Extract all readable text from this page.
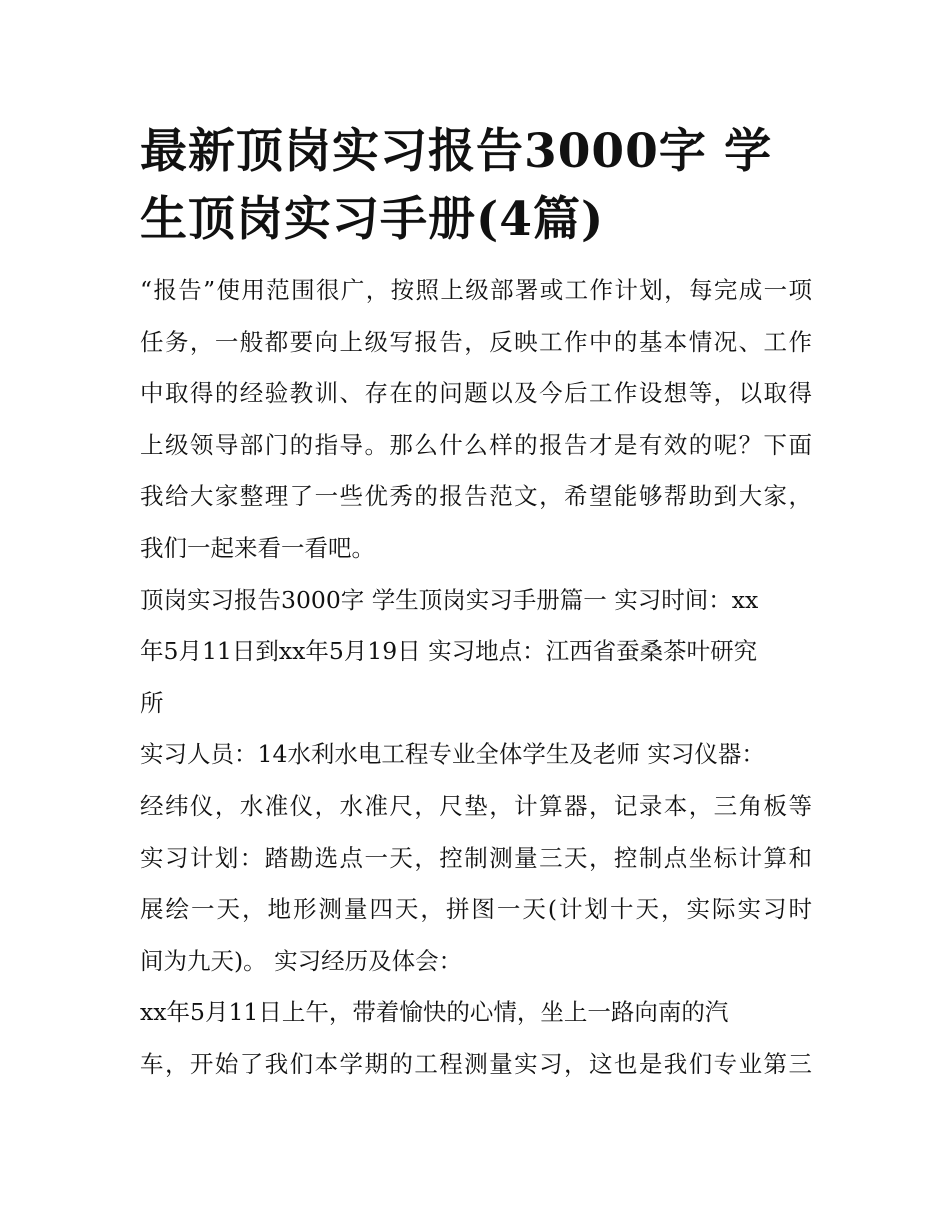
最新顶岗实习报告3000字 学
生顶岗实习手册(4篇)
“报告”使用范围很广，按照上级部署或工作计划，每完成一项
任务，一般都要向上级写报告，反映工作中的基本情况、工作
中取得的经验教训、存在的问题以及今后工作设想等，以取得
上级领导部门的指导。那么什么样的报告才是有效的呢？下面
我给大家整理了一些优秀的报告范文，希望能够帮助到大家，
我们一起来看一看吧。
顶岗实习报告3000字 学生顶岗实习手册篇一 实习时间：xx
年5月11日到xx年5月19日 实习地点：江西省蚕桑茶叶研究
所
实习人员：14水利水电工程专业全体学生及老师 实习仪器：
经纬仪，水准仪，水准尺，尺垫，计算器，记录本，三角板等
实习计划：踏勘选点一天，控制测量三天，控制点坐标计算和
展绘一天，地形测量四天，拼图一天(计划十天，实际实习时
间为九天)。 实习经历及体会：
xx年5月11日上午，带着愉快的心情，坐上一路向南的汽
车，开始了我们本学期的工程测量实习，这也是我们专业第三
